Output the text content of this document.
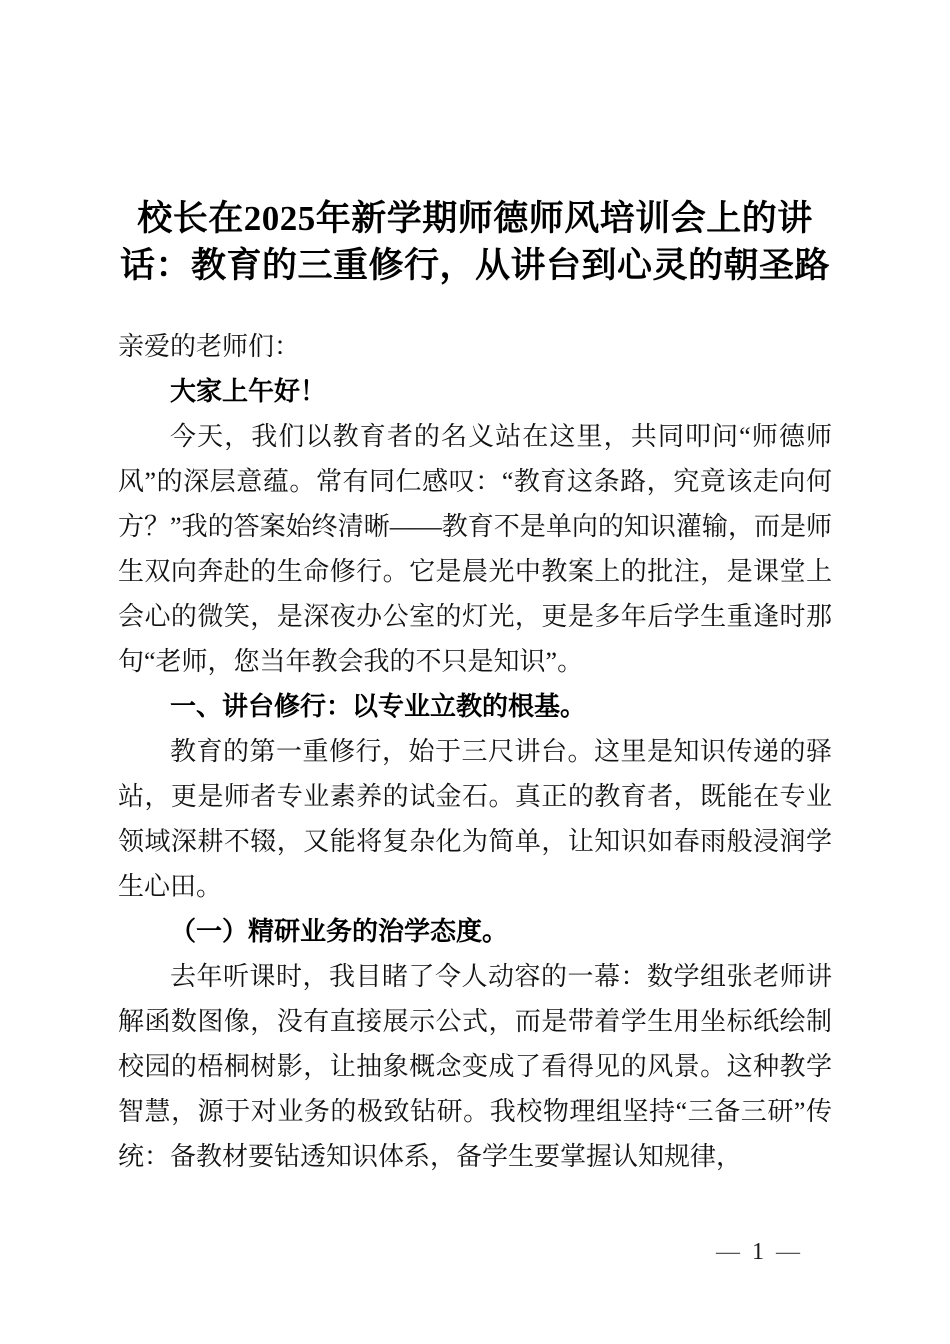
校长在2025年新学期师德师风培训会上的讲
话：教育的三重修行，从讲台到心灵的朝圣路

亲爱的老师们：

大家上午好！

今天，我们以教育者的名义站在这里，共同叩问“师德师风”的深层意蕴。常有同仁感叹：“教育这条路，究竟该走向何方？”我的答案始终清晰——教育不是单向的知识灌输，而是师生双向奔赴的生命修行。它是晨光中教案上的批注，是课堂上会心的微笑，是深夜办公室的灯光，更是多年后学生重逢时那句“老师，您当年教会我的不只是知识”。

一、讲台修行：以专业立教的根基。

教育的第一重修行，始于三尺讲台。这里是知识传递的驿站，更是师者专业素养的试金石。真正的教育者，既能在专业领域深耕不辍，又能将复杂化为简单，让知识如春雨般浸润学生心田。

（一）精研业务的治学态度。

去年听课时，我目睹了令人动容的一幕：数学组张老师讲解函数图像，没有直接展示公式，而是带着学生用坐标纸绘制校园的梧桐树影，让抽象概念变成了看得见的风景。这种教学智慧，源于对业务的极致钻研。我校物理组坚持“三备三研”传统：备教材要钻透知识体系，备学生要掌握认知规律，

— 1 —
